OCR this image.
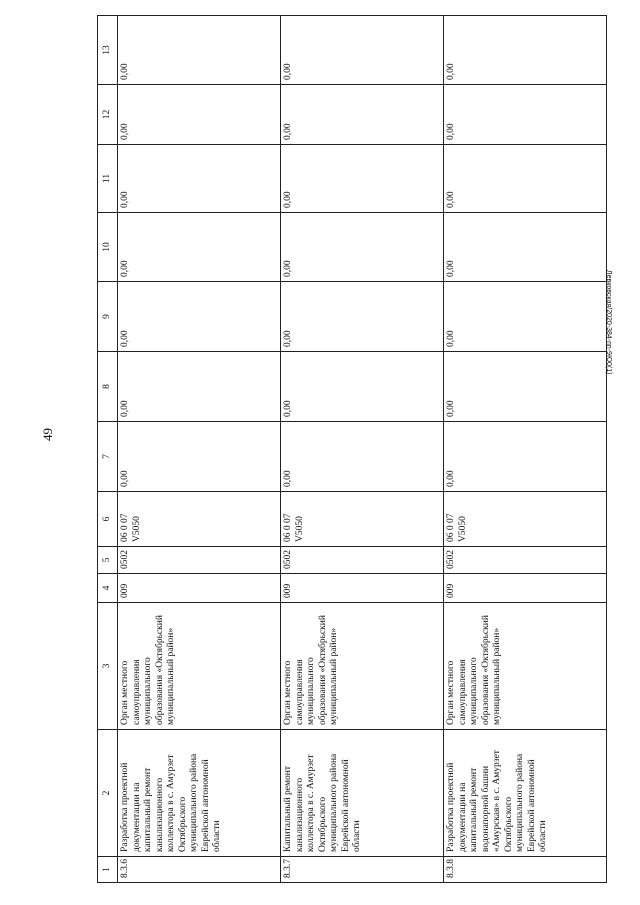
49
Левковская/2020-384-пп-9Ю0(1)
1	2	3	4	5	6	7	8	9	10	11	12	13
8.3.6	Разработка проектной документации на капитальный ремонт канализационного коллектора в с. Амурзет Октябрьского муниципального района Еврейской автономной области	Орган местного самоуправления муниципального образования «Октябрьский муниципальный район»	009	0502	06 0 07 V5050	0,00	0,00	0,00	0,00	0,00	0,00	0,00
8.3.7	Капитальный ремонт канализационного коллектора в с. Амурзет Октябрьского муниципального района Еврейской автономной области	Орган местного самоуправления муниципального образования «Октябрьский муниципальный район»	009	0502	06 0 07 V5050	0,00	0,00	0,00	0,00	0,00	0,00	0,00
8.3.8	Разработка проектной документации на капитальный ремонт водонапорной башни «Амурская» в с. Амурзет Октябрьского муниципального района Еврейской автономной области	Орган местного самоуправления муниципального образования «Октябрьский муниципальный район»	009	0502	06 0 07 V5050	0,00	0,00	0,00	0,00	0,00	0,00	0,00
